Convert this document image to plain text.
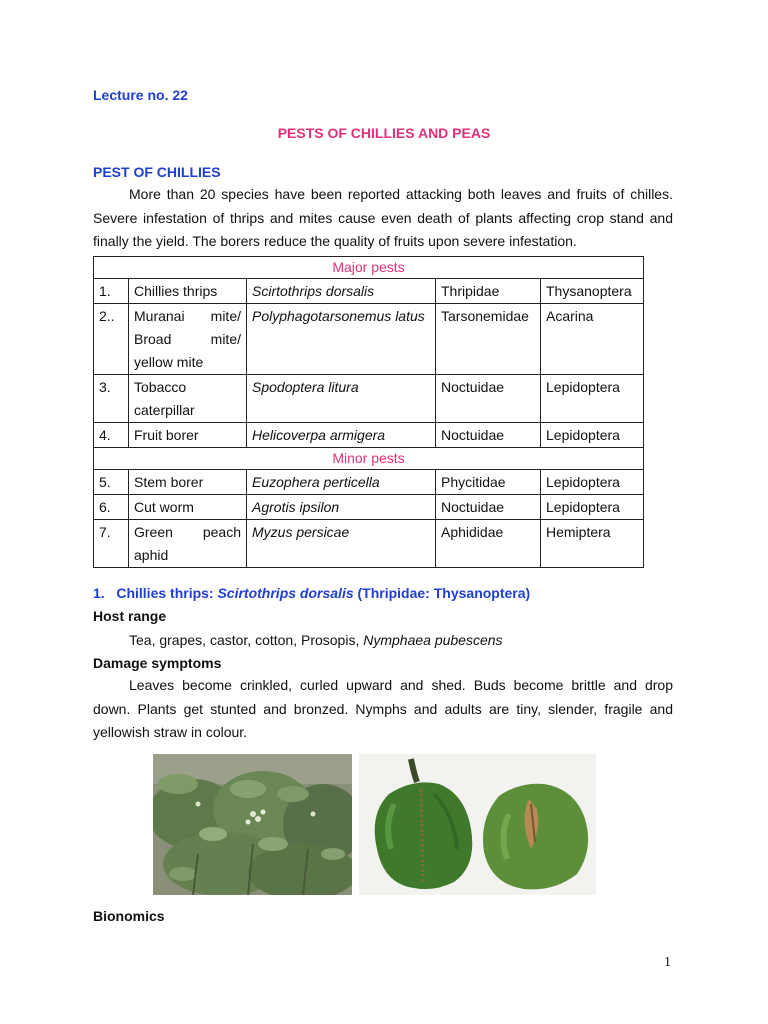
Lecture no. 22
PESTS OF CHILLIES AND PEAS
PEST OF CHILLIES
More than 20 species have been reported attacking both leaves and fruits of chilles.
Severe infestation of thrips and mites cause even death of plants affecting crop stand and
finally the yield. The borers reduce the quality of fruits upon severe infestation.
Major pests				
1.	Chillies thrips	Scirtothrips dorsalis	Thripidae	Thysanoptera
2..	Muranai mite/
Broad mite/
yellow mite	Polyphagotarsonemus latus	Tarsonemidae	Acarina
3.	Tobacco
caterpillar	Spodoptera litura	Noctuidae	Lepidoptera
4.	Fruit borer	Helicoverpa armigera	Noctuidae	Lepidoptera
Minor pests				
5.	Stem borer	Euzophera perticella	Phycitidae	Lepidoptera
6.	Cut worm	Agrotis ipsilon	Noctuidae	Lepidoptera
7.	Green peach
aphid	Myzus persicae	Aphididae	Hemiptera
1.   Chillies thrips: Scirtothrips dorsalis (Thripidae: Thysanoptera)
Host range
Tea, grapes, castor, cotton, Prosopis, Nymphaea pubescens
Damage symptoms
Leaves become crinkled, curled upward and shed. Buds become brittle and drop
down. Plants get stunted and bronzed. Nymphs and adults are tiny, slender, fragile and
yellowish straw in colour.
Bionomics
1
